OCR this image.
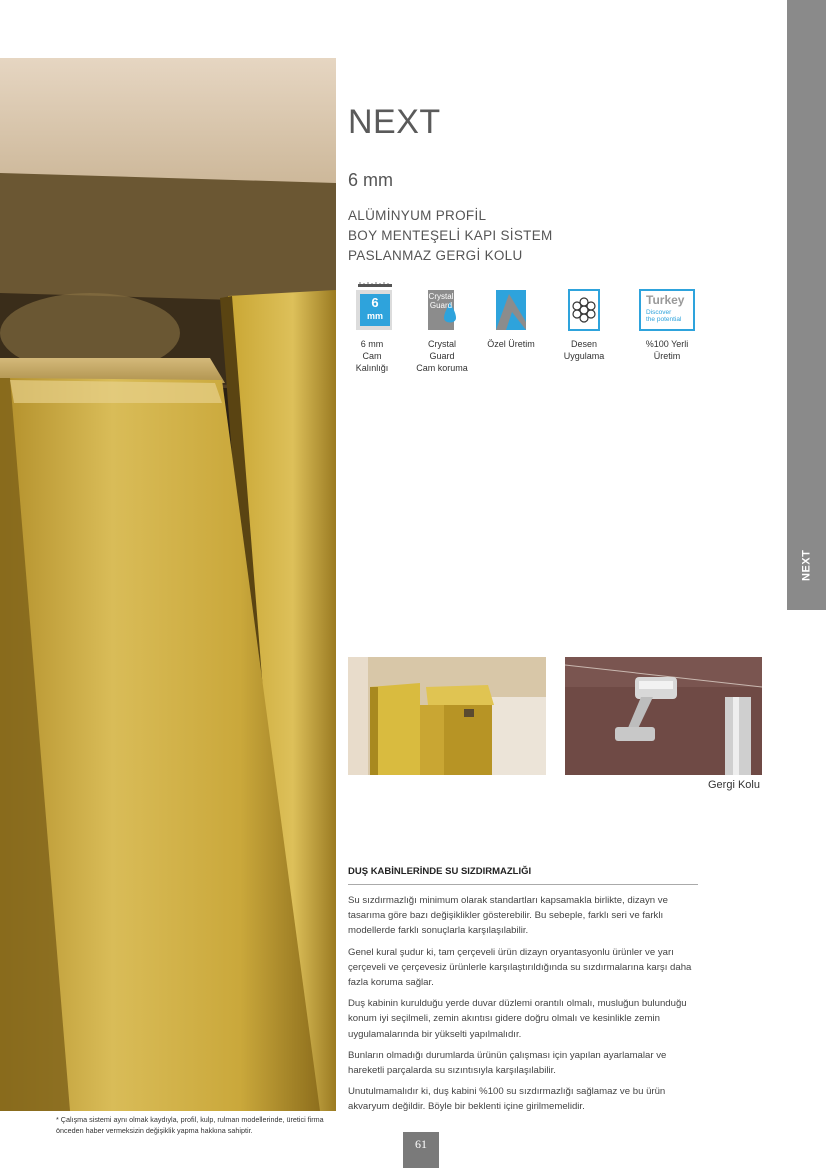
NEXT
NEXT
6 mm
ALÜMİNYUM PROFİL
BOY MENTEŞELİ KAPI SİSTEM
PASLANMAZ GERGİ KOLU
6
mm
6 mm
Cam Kalınlığı
Crystal
Guard
Crystal Guard
Cam koruma
Özel Üretim	Desen Uygulama
Turkey
Discover
the potential
%100 Yerli Üretim
Gergi Kolu
DUŞ KABİNLERİNDE SU SIZDIRMAZLIĞI

Su sızdırmazlığı minimum olarak standartları kapsamakla birlikte, dizayn ve tasarıma göre bazı değişiklikler gösterebilir. Bu sebeple, farklı seri ve farklı modellerde farklı sonuçlarla karşılaşılabilir.

Genel kural şudur ki, tam çerçeveli ürün dizayn oryantasyonlu ürünler ve yarı çerçeveli ve çerçevesiz ürünlerle karşılaştırıldığında su sızdırmalarına karşı daha fazla koruma sağlar.

Duş kabinin kurulduğu yerde duvar düzlemi orantılı olmalı, musluğun bulunduğu konum iyi seçilmeli, zemin akıntısı gidere doğru olmalı ve kesinlikle zemin uygulamalarında bir yükselti yapılmalıdır.

Bunların olmadığı durumlarda ürünün çalışması için yapılan ayarlamalar ve hareketli parçalarda su sızıntısıyla karşılaşılabilir.

Unutulmamalıdır ki, duş kabini %100 su sızdırmazlığı sağlamaz ve bu ürün akvaryum değildir. Böyle bir beklenti içine girilmemelidir.

* Çalışma sistemi aynı olmak kaydıyla, profil, kulp, rulman modellerinde, üretici firma önceden haber vermeksizin değişiklik yapma hakkına sahiptir.
61
